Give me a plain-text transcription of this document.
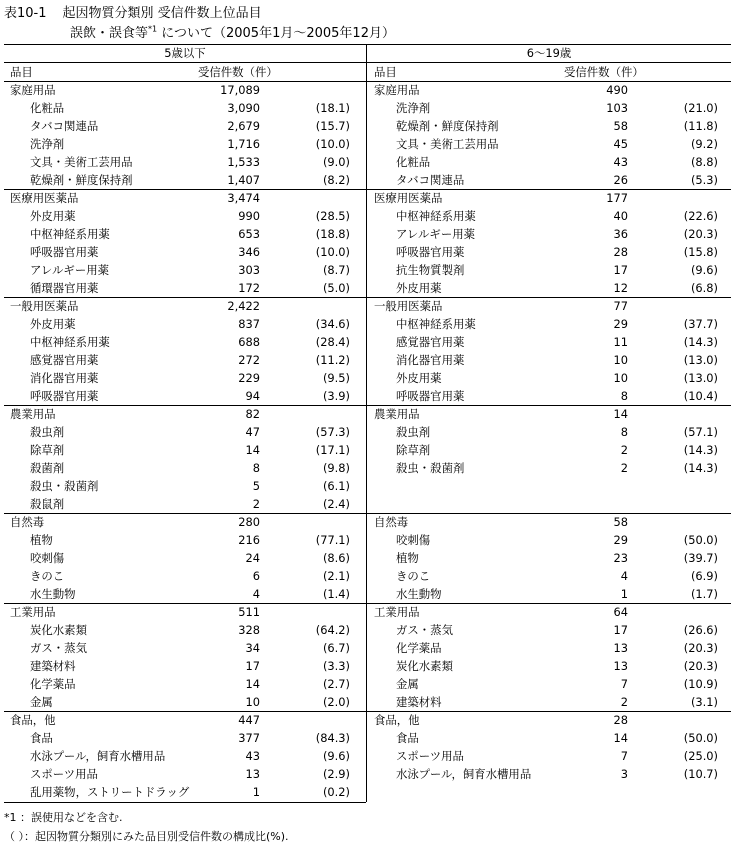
表10-1 起因物質分類別 受信件数上位品目
誤飲・誤食等$^{*1}$ について（2005年1月～2005年12月）
5歳以下	6～19歳
品目	受信件数（件）	品目	受信件数（件）
家庭用品	17,089
化粧品	3,090	(18.1)
タバコ関連品	2,679	(15.7)
洗浄剤	1,716	(10.0)
文具・美術工芸用品	1,533	(9.0)
乾燥剤・鮮度保持剤	1,407	(8.2)
医療用医薬品	3,474
外皮用薬	990	(28.5)
中枢神経系用薬	653	(18.8)
呼吸器官用薬	346	(10.0)
アレルギー用薬	303	(8.7)
循環器官用薬	172	(5.0)
一般用医薬品	2,422
外皮用薬	837	(34.6)
中枢神経系用薬	688	(28.4)
感覚器官用薬	272	(11.2)
消化器官用薬	229	(9.5)
呼吸器官用薬	94	(3.9)
農業用品	82
殺虫剤	47	(57.3)
除草剤	14	(17.1)
殺菌剤	8	(9.8)
殺虫・殺菌剤	5	(6.1)
殺鼠剤	2	(2.4)
自然毒	280
植物	216	(77.1)
咬刺傷	24	(8.6)
きのこ	6	(2.1)
水生動物	4	(1.4)
工業用品	511
炭化水素類	328	(64.2)
ガス・蒸気	34	(6.7)
建築材料	17	(3.3)
化学薬品	14	(2.7)
金属	10	(2.0)
食品，他	447
食品	377	(84.3)
水泳プール，飼育水槽用品	43	(9.6)
スポーツ用品	13	(2.9)
乱用薬物，ストリートドラッグ	1	(0.2)
家庭用品	490
洗浄剤	103	(21.0)
乾燥剤・鮮度保持剤	58	(11.8)
文具・美術工芸用品	45	(9.2)
化粧品	43	(8.8)
タバコ関連品	26	(5.3)
医療用医薬品	177
中枢神経系用薬	40	(22.6)
アレルギー用薬	36	(20.3)
呼吸器官用薬	28	(15.8)
抗生物質製剤	17	(9.6)
外皮用薬	12	(6.8)
一般用医薬品	77
中枢神経系用薬	29	(37.7)
感覚器官用薬	11	(14.3)
消化器官用薬	10	(13.0)
外皮用薬	10	(13.0)
呼吸器官用薬	8	(10.4)
農業用品	14
殺虫剤	8	(57.1)
除草剤	2	(14.3)
殺虫・殺菌剤	2	(14.3)
自然毒	58
咬刺傷	29	(50.0)
植物	23	(39.7)
きのこ	4	(6.9)
水生動物	1	(1.7)
工業用品	64
ガス・蒸気	17	(26.6)
化学薬品	13	(20.3)
炭化水素類	13	(20.3)
金属	7	(10.9)
建築材料	2	(3.1)
食品，他	28
食品	14	(50.0)
スポーツ用品	7	(25.0)
水泳プール，飼育水槽用品	3	(10.7)
*1 ：誤使用などを含む.
（ ）：起因物質分類別にみた品目別受信件数の構成比(%).
